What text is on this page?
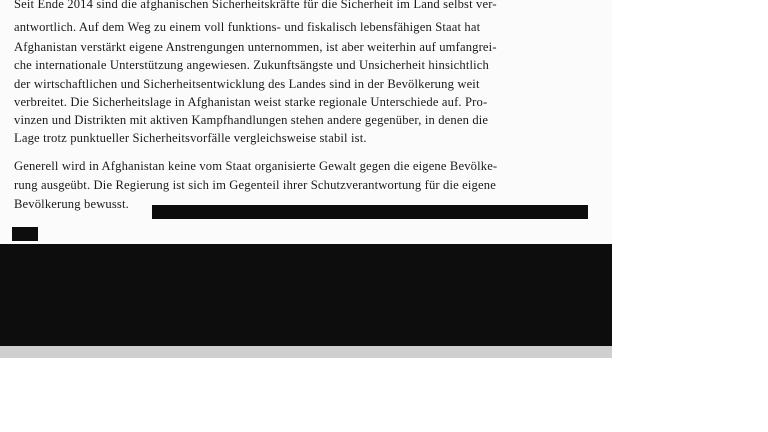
Seit Ende 2014 sind die afghanischen Sicherheitskräfte für die Sicherheit im Land selbst ver-
antwortlich. Auf dem Weg zu einem voll funktions- und fiskalisch lebensfähigen Staat hat
Afghanistan verstärkt eigene Anstrengungen unternommen, ist aber weiterhin auf umfangrei-
che internationale Unterstützung angewiesen. Zukunftsängste und Unsicherheit hinsichtlich
der wirtschaftlichen und Sicherheitsentwicklung des Landes sind in der Bevölkerung weit
verbreitet. Die Sicherheitslage in Afghanistan weist starke regionale Unterschiede auf. Pro-
vinzen und Distrikten mit aktiven Kampfhandlungen stehen andere gegenüber, in denen die
Lage trotz punktueller Sicherheitsvorfälle vergleichsweise stabil ist.
Generell wird in Afghanistan keine vom Staat organisierte Gewalt gegen die eigene Bevölke-
rung ausgeübt. Die Regierung ist sich im Gegenteil ihrer Schutzverantwortung für die eigene
Bevölkerung bewusst.
